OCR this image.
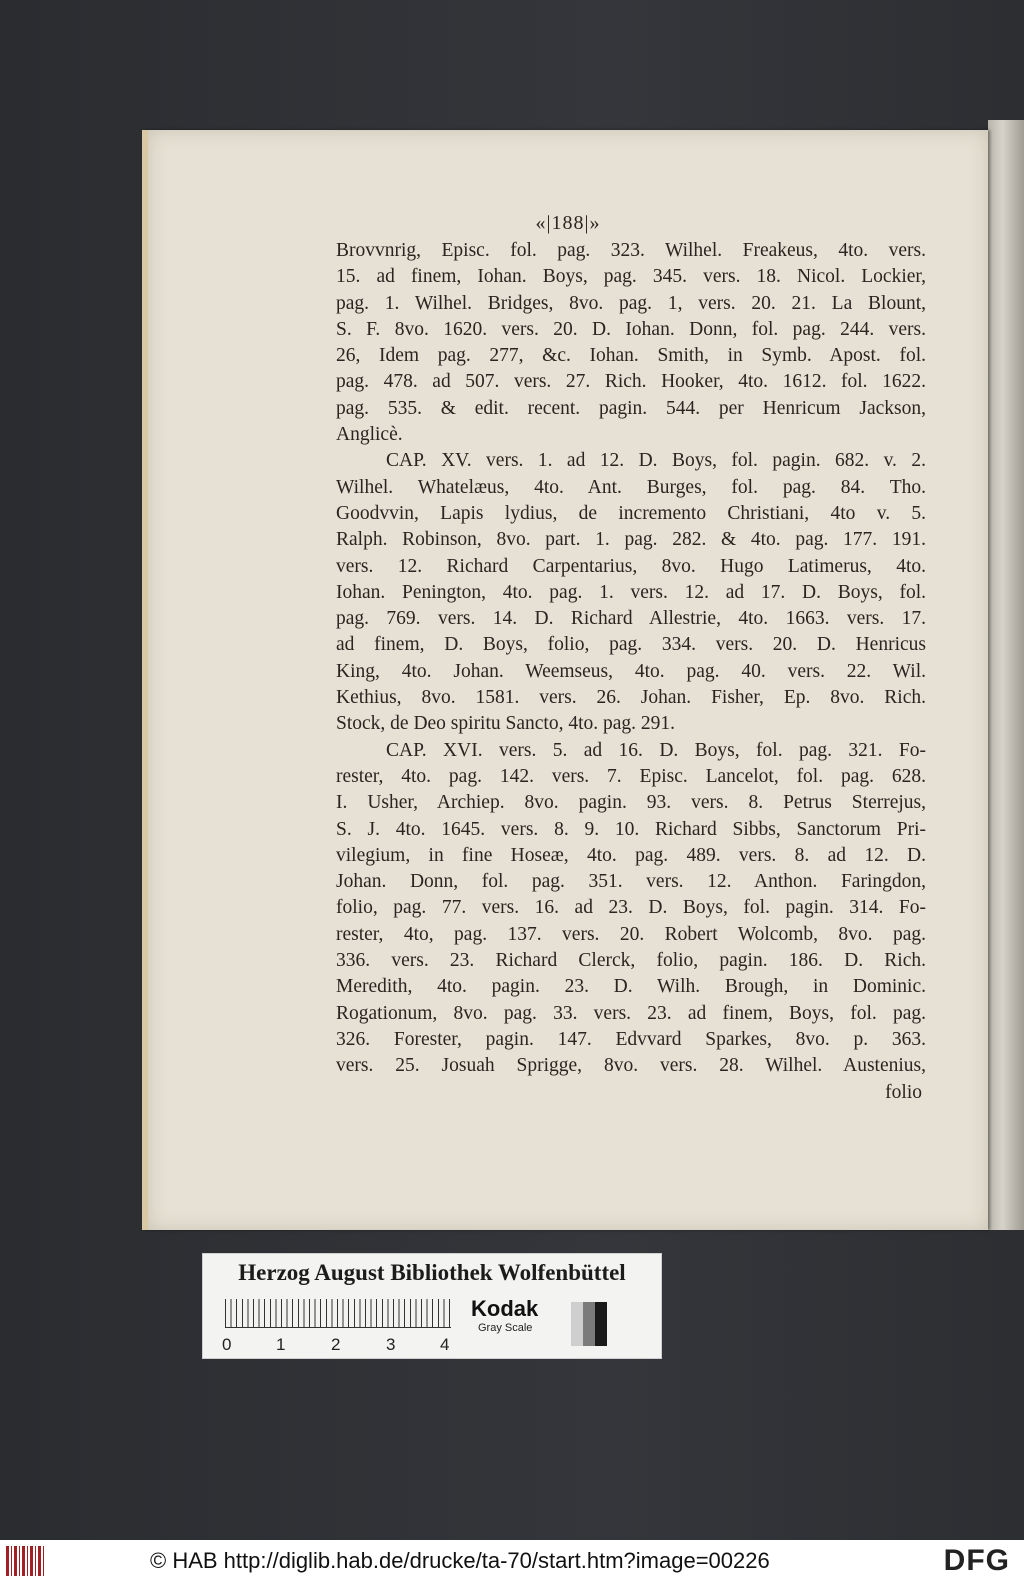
«|188|»
Brovvnrig, Episc. fol. pag. 323. Wilhel. Freakeus, 4to. vers.
15. ad finem, Iohan. Boys, pag. 345. vers. 18. Nicol. Lockier,
pag. 1. Wilhel. Bridges, 8vo. pag. 1, vers. 20. 21. La Blount,
S. F. 8vo. 1620. vers. 20. D. Iohan. Donn, fol. pag. 244. vers.
26, Idem pag. 277, &c. Iohan. Smith, in Symb. Apost. fol.
pag. 478. ad 507. vers. 27. Rich. Hooker, 4to. 1612. fol. 1622.
pag. 535. & edit. recent. pagin. 544. per Henricum Jackson,
Anglicè.
CAP. XV. vers. 1. ad 12. D. Boys, fol. pagin. 682. v. 2.
Wilhel. Whatelæus, 4to. Ant. Burges, fol. pag. 84. Tho.
Goodvvin, Lapis lydius, de incremento Christiani, 4to v. 5.
Ralph. Robinson, 8vo. part. 1. pag. 282. & 4to. pag. 177. 191.
vers. 12. Richard Carpentarius, 8vo. Hugo Latimerus, 4to.
Iohan. Penington, 4to. pag. 1. vers. 12. ad 17. D. Boys, fol.
pag. 769. vers. 14. D. Richard Allestrie, 4to. 1663. vers. 17.
ad finem, D. Boys, folio, pag. 334. vers. 20. D. Henricus
King, 4to. Johan. Weemseus, 4to. pag. 40. vers. 22. Wil.
Kethius, 8vo. 1581. vers. 26. Johan. Fisher, Ep. 8vo. Rich.
Stock, de Deo spiritu Sancto, 4to. pag. 291.
CAP. XVI. vers. 5. ad 16. D. Boys, fol. pag. 321. Fo-
rester, 4to. pag. 142. vers. 7. Episc. Lancelot, fol. pag. 628.
I. Usher, Archiep. 8vo. pagin. 93. vers. 8. Petrus Sterrejus,
S. J. 4to. 1645. vers. 8. 9. 10. Richard Sibbs, Sanctorum Pri-
vilegium, in fine Hoseæ, 4to. pag. 489. vers. 8. ad 12. D.
Johan. Donn, fol. pag. 351. vers. 12. Anthon. Faringdon,
folio, pag. 77. vers. 16. ad 23. D. Boys, fol. pagin. 314. Fo-
rester, 4to, pag. 137. vers. 20. Robert Wolcomb, 8vo. pag.
336. vers. 23. Richard Clerck, folio, pagin. 186. D. Rich.
Meredith, 4to. pagin. 23. D. Wilh. Brough, in Dominic.
Rogationum, 8vo. pag. 33. vers. 23. ad finem, Boys, fol. pag.
326. Forester, pagin. 147. Edvvard Sparkes, 8vo. p. 363.
vers. 25. Josuah Sprigge, 8vo. vers. 28. Wilhel. Austenius,
folio
Herzog August Bibliothek Wolfenbüttel
0	1	2	3	4
Kodak
Gray Scale
© HAB http://diglib.hab.de/drucke/ta-70/start.htm?image=00226	DFG
